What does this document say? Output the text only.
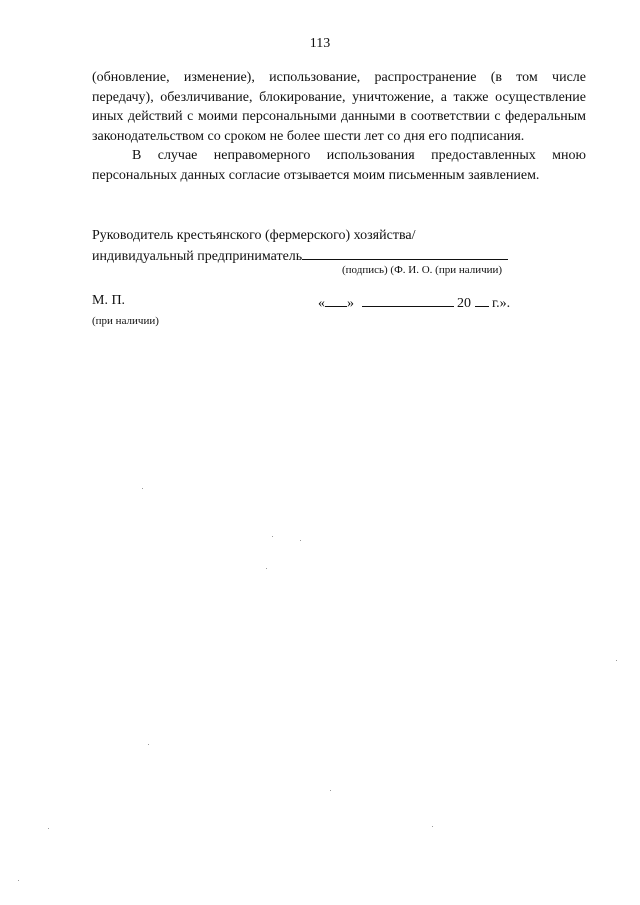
113

(обновление, изменение), использование, распространение (в том числе передачу), обезличивание, блокирование, уничтожение, а также осуществление иных действий с моими персональными данными в соответствии с федеральным законодательством со сроком не более шести лет со дня его подписания.

В случае неправомерного использования предоставленных мною персональных данных согласие отзывается моим письменным заявлением.

Руководитель крестьянского (фермерского) хозяйства/
индивидуальный предприниматель
(подпись) (Ф. И. О. (при наличии)
М. П.
(при наличии)
« »	20 г.».
